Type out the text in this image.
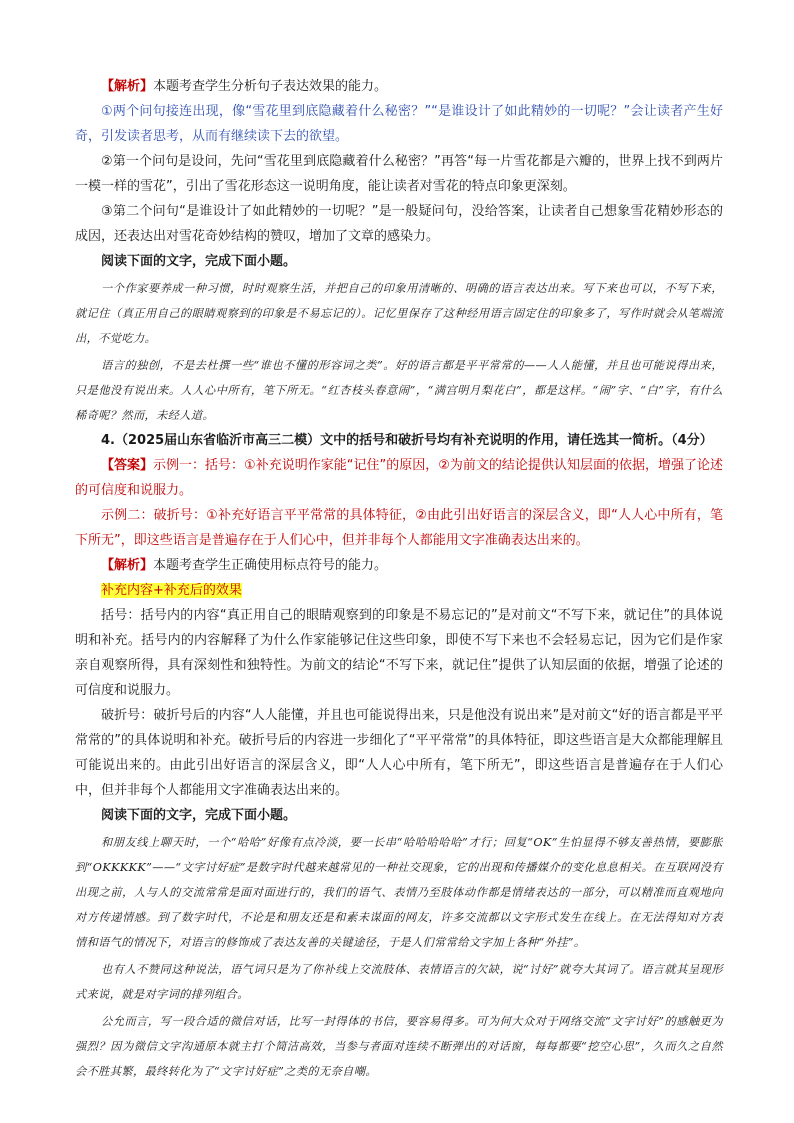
【解析】本题考查学生分析句子表达效果的能力。

①两个问句接连出现，像“雪花里到底隐藏着什么秘密？”“是谁设计了如此精妙的一切呢？”会让读者产生好奇，引发读者思考，从而有继续读下去的欲望。

②第一个问句是设问，先问“雪花里到底隐藏着什么秘密？”再答“每一片雪花都是六瓣的，世界上找不到两片一模一样的雪花”，引出了雪花形态这一说明角度，能让读者对雪花的特点印象更深刻。

③第二个问句“是谁设计了如此精妙的一切呢？”是一般疑问句，没给答案，让读者自己想象雪花精妙形态的成因，还表达出对雪花奇妙结构的赞叹，增加了文章的感染力。

阅读下面的文字，完成下面小题。

一个作家要养成一种习惯，时时观察生活，并把自己的印象用清晰的、明确的语言表达出来。写下来也可以，不写下来，就记住（真正用自己的眼睛观察到的印象是不易忘记的）。记忆里保存了这种经用语言固定住的印象多了，写作时就会从笔端流出，不觉吃力。

语言的独创，不是去杜撰一些“谁也不懂的形容词之类”。好的语言都是平平常常的——人人能懂，并且也可能说得出来，只是他没有说出来。人人心中所有，笔下所无。“红杏枝头春意闹”，“满宫明月梨花白”，都是这样。“闹”字、“白”字，有什么稀奇呢？然而，未经人道。

4.（2025届山东省临沂市高三二模）文中的括号和破折号均有补充说明的作用，请任选其一简析。（4分）

【答案】示例一：括号：①补充说明作家能“记住”的原因，②为前文的结论提供认知层面的依据，增强了论述的可信度和说服力。

示例二：破折号：①补充好语言平平常常的具体特征，②由此引出好语言的深层含义，即“人人心中所有，笔下所无”，即这些语言是普遍存在于人们心中，但并非每个人都能用文字准确表达出来的。

【解析】本题考查学生正确使用标点符号的能力。

补充内容+补充后的效果

括号：括号内的内容“真正用自己的眼睛观察到的印象是不易忘记的”是对前文“不写下来，就记住”的具体说明和补充。括号内的内容解释了为什么作家能够记住这些印象，即使不写下来也不会轻易忘记，因为它们是作家亲自观察所得，具有深刻性和独特性。为前文的结论“不写下来，就记住”提供了认知层面的依据，增强了论述的可信度和说服力。

破折号：破折号后的内容“人人能懂，并且也可能说得出来，只是他没有说出来”是对前文“好的语言都是平平常常的”的具体说明和补充。破折号后的内容进一步细化了“平平常常”的具体特征，即这些语言是大众都能理解且可能说出来的。由此引出好语言的深层含义，即“人人心中所有，笔下所无”，即这些语言是普遍存在于人们心中，但并非每个人都能用文字准确表达出来的。

阅读下面的文字，完成下面小题。

和朋友线上聊天时，一个“哈哈”好像有点冷淡，要一长串“哈哈哈哈哈”才行；回复“OK”生怕显得不够友善热情，要膨胀到“OKKKKK”——“文字讨好症”是数字时代越来越常见的一种社交现象，它的出现和传播媒介的变化息息相关。在互联网没有出现之前，人与人的交流常常是面对面进行的，我们的语气、表情乃至肢体动作都是情绪表达的一部分，可以精准而直观地向对方传递情感。到了数字时代，不论是和朋友还是和素未谋面的网友，许多交流都以文字形式发生在线上。在无法得知对方表情和语气的情况下，对语言的修饰成了表达友善的关键途径，于是人们常常给文字加上各种“外挂”。

也有人不赞同这种说法，语气词只是为了你补线上交流肢体、表情语言的欠缺，说“讨好”就夸大其词了。语言就其呈现形式来说，就是对字词的排列组合。

公允而言，写一段合适的微信对话，比写一封得体的书信，要容易得多。可为何大众对于网络交流“文字讨好”的感触更为强烈？因为微信文字沟通原本就主打个简洁高效，当参与者面对连续不断弹出的对话窗，每每都要“挖空心思”，久而久之自然会不胜其繁，最终转化为了“文字讨好症”之类的无奈自嘲。
